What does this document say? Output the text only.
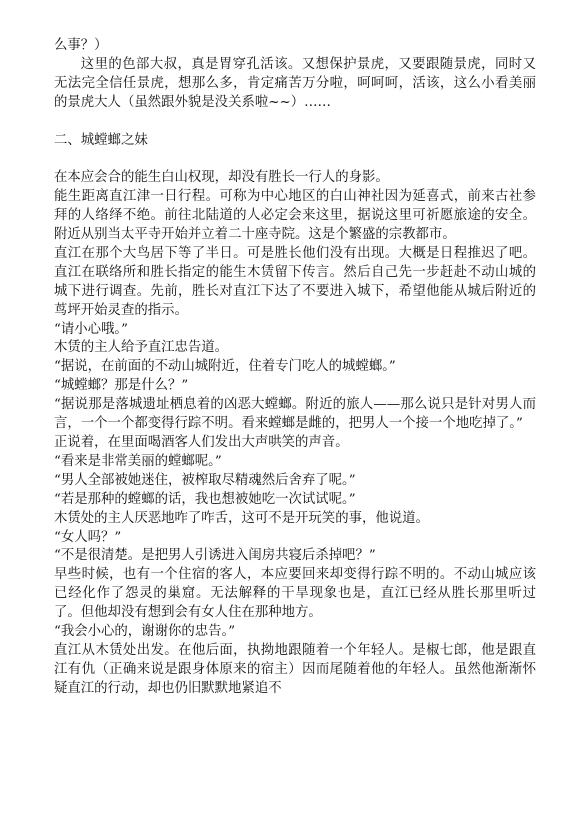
么事？）

这里的色部大叔，真是胃穿孔活该。又想保护景虎，又要跟随景虎，同时又无法完全信任景虎，想那么多，肯定痛苦万分啦，呵呵呵，活该，这么小看美丽的景虎大人（虽然跟外貌是没关系啦~~）……

二、城螳螂之妹

在本应会合的能生白山权现，却没有胜长一行人的身影。

能生距离直江津一日行程。可称为中心地区的白山神社因为延喜式，前来古社参拜的人络绎不绝。前往北陆道的人必定会来这里，据说这里可祈愿旅途的安全。附近从别当太平寺开始并立着二十座寺院。这是个繁盛的宗教都市。

直江在那个大鸟居下等了半日。可是胜长他们没有出现。大概是日程推迟了吧。直江在联络所和胜长指定的能生木赁留下传言。然后自己先一步赶赴不动山城的城下进行调查。先前，胜长对直江下达了不要进入城下，希望他能从城后附近的茑坪开始灵查的指示。

“请小心哦。”

木赁的主人给予直江忠告道。

“据说，在前面的不动山城附近，住着专门吃人的城螳螂。”

“城螳螂？那是什么？”

“据说那是落城遗址栖息着的凶恶大螳螂。附近的旅人——那么说只是针对男人而言，一个一个都变得行踪不明。看来螳螂是雌的，把男人一个接一个地吃掉了。”

正说着，在里面喝酒客人们发出大声哄笑的声音。

“看来是非常美丽的螳螂呢。”

“男人全部被她迷住，被榨取尽精魂然后舍弃了呢。”

“若是那种的螳螂的话，我也想被她吃一次试试呢。”

木赁处的主人厌恶地咋了咋舌，这可不是开玩笑的事，他说道。

“女人吗？”

“不是很清楚。是把男人引诱进入闺房共寝后杀掉吧？”

早些时候，也有一个住宿的客人，本应要回来却变得行踪不明的。不动山城应该已经化作了怨灵的巢窟。无法解释的干旱现象也是，直江已经从胜长那里听过了。但他却没有想到会有女人住在那种地方。

“我会小心的，谢谢你的忠告。”

直江从木赁处出发。在他后面，执拗地跟随着一个年轻人。是椒七郎，他是跟直江有仇（正确来说是跟身体原来的宿主）因而尾随着他的年轻人。虽然他渐渐怀疑直江的行动，却也仍旧默默地紧追不
